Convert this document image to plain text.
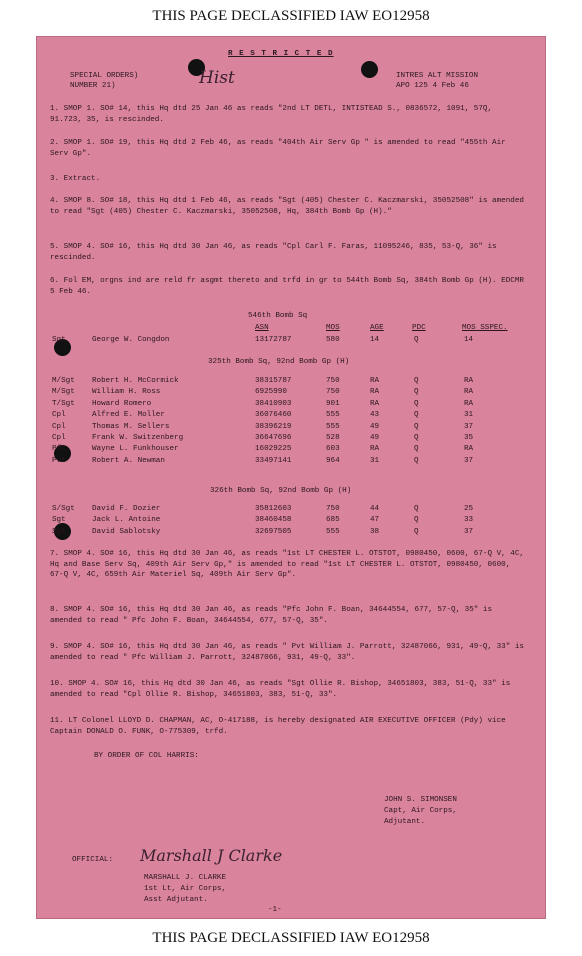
THIS PAGE DECLASSIFIED IAW EO12958
R E S T R I C T E D
Hist
SPECIAL ORDERS)
NUMBER 21)
INTRES ALT MISSION
APO 125 4 Feb 46
1. SMOP 1. SO# 14, this Hq dtd 25 Jan 46 as reads "2nd LT DETL, INTISTEAD S., 0836572, 1091, 57Q, 91.723, 35, is rescinded.
2. SMOP 1. SO# 19, this Hq dtd 2 Feb 46, as reads "404th Air Serv Gp " is amended to read "455th Air Serv Gp".
3. Extract.
4. SMOP 8. SO# 18, this Hq dtd 1 Feb 46, as reads "Sgt (405) Chester C. Kaczmarski, 35052508" is amended to read "Sgt (405) Chester C. Kaczmarski, 35052508, Hq, 384th Bomb Gp (H)."
5. SMOP 4. SO# 16, this Hq dtd 30 Jan 46, as reads "Cpl Carl F. Faras, 11095246, 835, 53-Q, 36" is rescinded.
6. Fol EM, orgns ind are reld fr asgmt thereto and trfd in gr to 544th Bomb Sq, 384th Bomb Gp (H). EDCMR 5 Feb 46.
546th Bomb Sq
ASN	MOS	AGE	PDC	MOS SSPEC.
Sgt	George W. Congdon	13172787	580	14	Q	14
325th Bomb Sq, 92nd Bomb Gp (H)
M/Sgt Robert H. McCormick	38315787	750	RA	Q	RA
M/Sgt William H. Ross	6925990	750	RA	Q	RA
T/Sgt Howard Romero	38410903	901	RA	Q	RA
Cpl	Alfred E. Moller	36076460	555	43	Q	31
Cpl	Thomas M. Sellers	38396219	555	49	Q	37
Cpl	Frank W. Switzenberg	36647696	528	49	Q	35
Pfc	Wayne L. Funkhouser	16029225	603	RA	Q	RA
Pvt	Robert A. Newman	33497141	964	31	Q	37
326th Bomb Sq, 92nd Bomb Gp (H)
S/Sgt David F. Dozier	35812603	750	44	Q	25
Sgt	Jack L. Antoine	38460458	685	47	Q	33
Sgt	David Sablotsky	32697505	555	38	Q	37
7. SMOP 4. SO# 16, this Hq dtd 30 Jan 46, as reads "1st LT CHESTER L. OTSTOT, 0980450, 0600, 67-Q V, 4C, Hq and Base Serv Sq, 409th Air Serv Gp," is amended to read "1st LT CHESTER L. OTSTOT, 0980450, 0600, 67-Q V, 4C, 659th Air Materiel Sq, 409th Air Serv Gp".
8. SMOP 4. SO# 16, this Hq dtd 30 Jan 46, as reads "Pfc John F. Boan, 34644554, 677, 57-Q, 35" is amended to read " Pfc John F. Boan, 34644554, 677, 57-Q, 35".
9. SMOP 4. SO# 16, this Hq dtd 30 Jan 46, as reads " Pvt William J. Parrott, 32487066, 931, 49-Q, 33" is amended to read " Pfc William J. Parrott, 32487066, 931, 49-Q, 33".
10. SMOP 4. SO# 16, this Hq dtd 30 Jan 46, as reads "Sgt Ollie R. Bishop, 34651803, 383, 51-Q, 33" is amended to read "Cpl Ollie R. Bishop, 34651803, 383, 51-Q, 33".
11. LT Colonel LLOYD D. CHAPMAN, AC, O-417188, is hereby designated AIR EXECUTIVE OFFICER (Pdy) vice Captain DONALD O. FUNK, O-775309, trfd.
BY ORDER OF COL HARRIS:
JOHN S. SIMONSEN
Capt, Air Corps,
Adjutant.
OFFICIAL: Marshall J Clarke
MARSHALL J. CLARKE
1st Lt, Air Corps,
Asst Adjutant.
-1-
THIS PAGE DECLASSIFIED IAW EO12958
